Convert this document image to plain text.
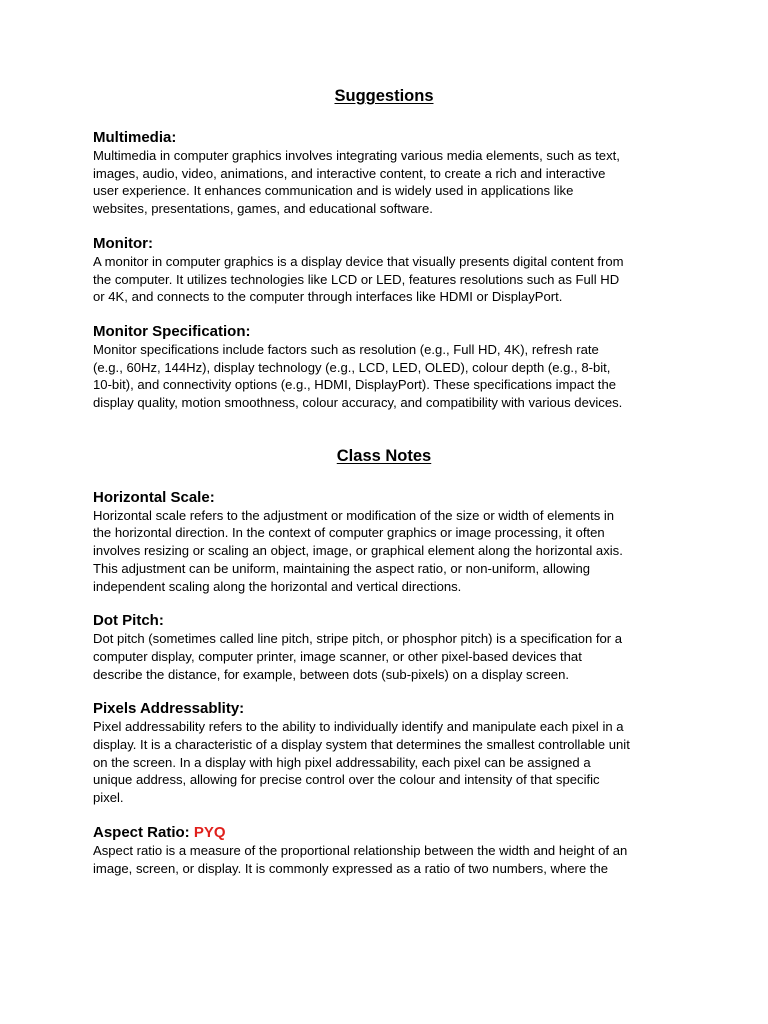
Suggestions
Multimedia:
Multimedia in computer graphics involves integrating various media elements, such as text,
images, audio, video, animations, and interactive content, to create a rich and interactive
user experience. It enhances communication and is widely used in applications like
websites, presentations, games, and educational software.
Monitor:
A monitor in computer graphics is a display device that visually presents digital content from
the computer. It utilizes technologies like LCD or LED, features resolutions such as Full HD
or 4K, and connects to the computer through interfaces like HDMI or DisplayPort.
Monitor Specification:
Monitor specifications include factors such as resolution (e.g., Full HD, 4K), refresh rate
(e.g., 60Hz, 144Hz), display technology (e.g., LCD, LED, OLED), colour depth (e.g., 8-bit,
10-bit), and connectivity options (e.g., HDMI, DisplayPort). These specifications impact the
display quality, motion smoothness, colour accuracy, and compatibility with various devices.
Class Notes
Horizontal Scale:
Horizontal scale refers to the adjustment or modification of the size or width of elements in
the horizontal direction. In the context of computer graphics or image processing, it often
involves resizing or scaling an object, image, or graphical element along the horizontal axis.
This adjustment can be uniform, maintaining the aspect ratio, or non-uniform, allowing
independent scaling along the horizontal and vertical directions.
Dot Pitch:
Dot pitch (sometimes called line pitch, stripe pitch, or phosphor pitch) is a specification for a
computer display, computer printer, image scanner, or other pixel-based devices that
describe the distance, for example, between dots (sub-pixels) on a display screen.
Pixels Addressablity:
Pixel addressability refers to the ability to individually identify and manipulate each pixel in a
display. It is a characteristic of a display system that determines the smallest controllable unit
on the screen. In a display with high pixel addressability, each pixel can be assigned a
unique address, allowing for precise control over the colour and intensity of that specific
pixel.
Aspect Ratio: PYQ
Aspect ratio is a measure of the proportional relationship between the width and height of an
image, screen, or display. It is commonly expressed as a ratio of two numbers, where the
